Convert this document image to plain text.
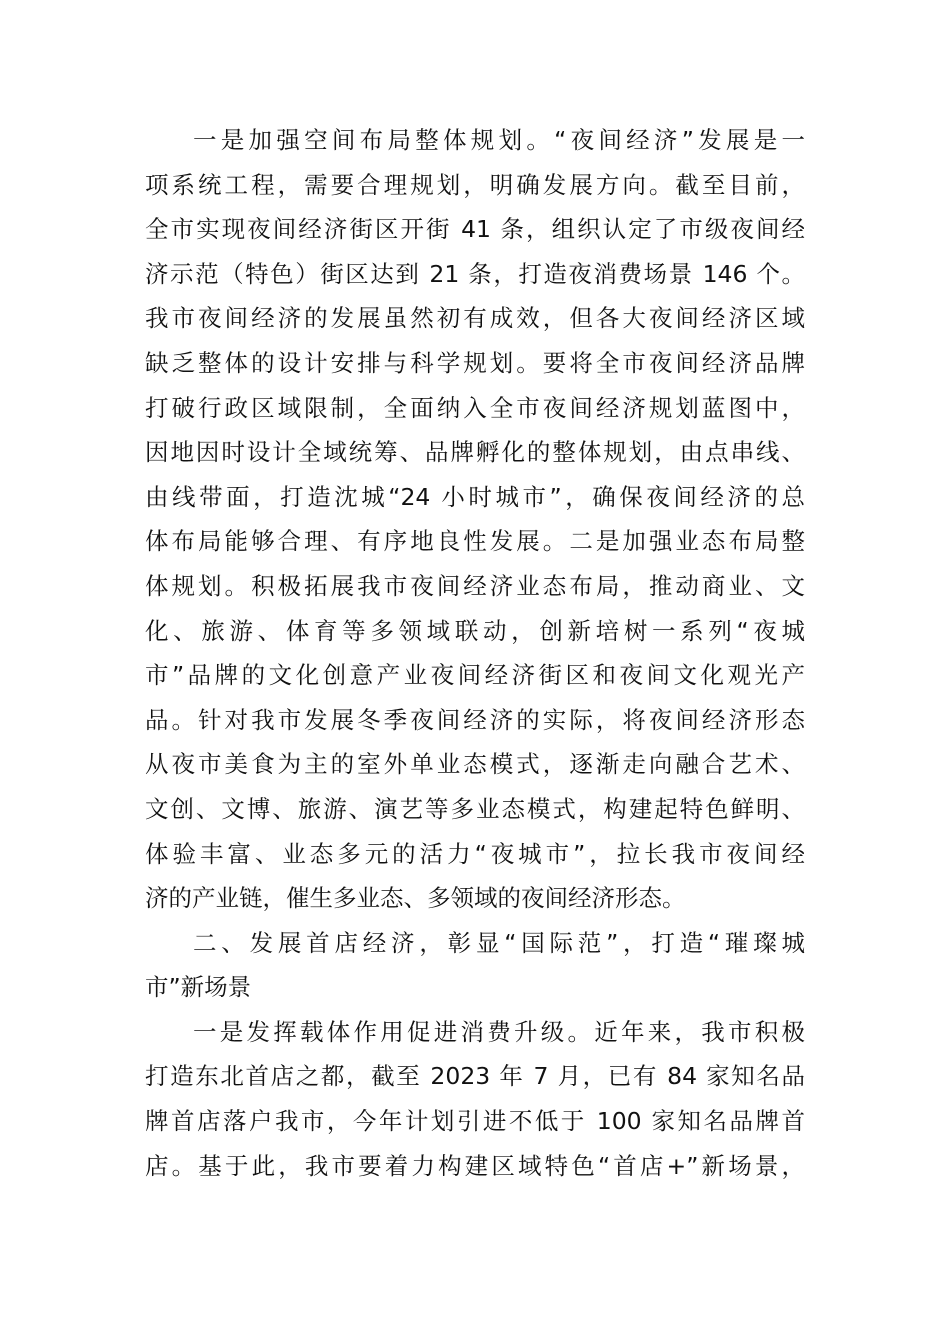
一是加强空间布局整体规划。“夜间经济”发展是一
项系统工程，需要合理规划，明确发展方向。截至目前，
全市实现夜间经济街区开街 41 条，组织认定了市级夜间经
济示范（特色）街区达到 21 条，打造夜消费场景 146 个。
我市夜间经济的发展虽然初有成效，但各大夜间经济区域
缺乏整体的设计安排与科学规划。要将全市夜间经济品牌
打破行政区域限制，全面纳入全市夜间经济规划蓝图中，
因地因时设计全域统筹、品牌孵化的整体规划，由点串线、
由线带面，打造沈城“24 小时城市”，确保夜间经济的总
体布局能够合理、有序地良性发展。二是加强业态布局整
体规划。积极拓展我市夜间经济业态布局，推动商业、文
化、旅游、体育等多领域联动，创新培树一系列“夜城
市”品牌的文化创意产业夜间经济街区和夜间文化观光产
品。针对我市发展冬季夜间经济的实际，将夜间经济形态
从夜市美食为主的室外单业态模式，逐渐走向融合艺术、
文创、文博、旅游、演艺等多业态模式，构建起特色鲜明、
体验丰富、业态多元的活力“夜城市”，拉长我市夜间经
济的产业链，催生多业态、多领域的夜间经济形态。
二、发展首店经济，彰显“国际范”，打造“璀璨城
市”新场景
一是发挥载体作用促进消费升级。近年来，我市积极
打造东北首店之都，截至 2023 年 7 月，已有 84 家知名品
牌首店落户我市，今年计划引进不低于 100 家知名品牌首
店。基于此，我市要着力构建区域特色“首店+”新场景，
